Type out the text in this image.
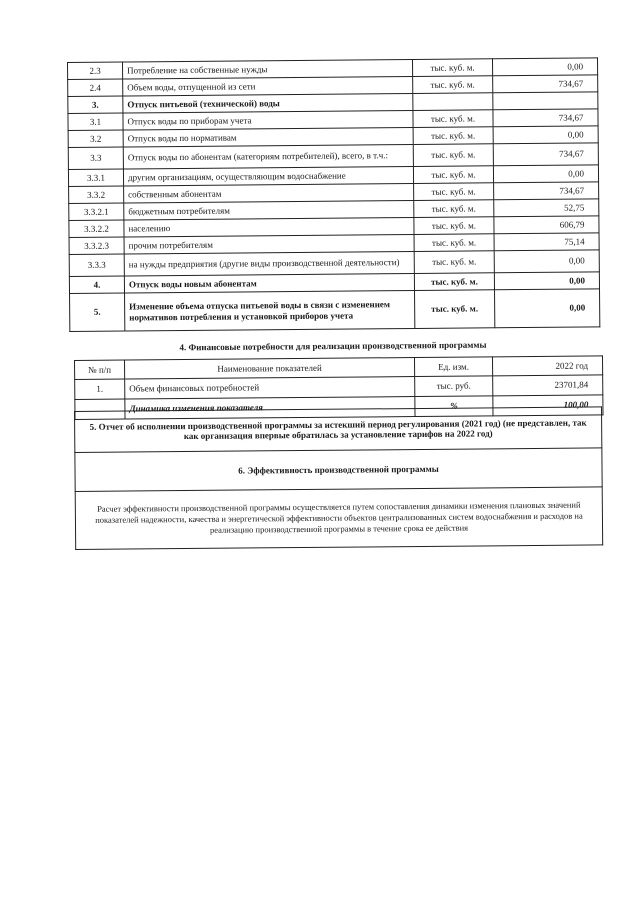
2.3	Потребление на собственные нужды	тыс. куб. м.	0,00
2.4	Объем воды, отпущенной из сети	тыс. куб. м.	734,67
3.	Отпуск питьевой (технической) воды		
3.1	Отпуск воды по приборам учета	тыс. куб. м.	734,67
3.2	Отпуск воды по нормативам	тыс. куб. м.	0,00
3.3	Отпуск воды по абонентам (категориям потребителей), всего, в т.ч.:	тыс. куб. м.	734,67
3.3.1	другим организациям, осуществляющим водоснабжение	тыс. куб. м.	0,00
3.3.2	собственным абонентам	тыс. куб. м.	734,67
3.3.2.1	бюджетным потребителям	тыс. куб. м.	52,75
3.3.2.2	населению	тыс. куб. м.	606,79
3.3.2.3	прочим потребителям	тыс. куб. м.	75,14
3.3.3	на нужды предприятия (другие виды производственной деятельности)	тыс. куб. м.	0,00
4.	Отпуск воды новым абонентам	тыс. куб. м.	0,00
5.	Изменение объема отпуска питьевой воды в связи с изменением нормативов потребления и установкой приборов учета	тыс. куб. м.	0,00
4. Финансовые потребности для реализации производственной программы
№ п/п	Наименование показателей	Ед. изм.	2022 год
1.	Объем финансовых потребностей	тыс. руб.	23701,84
	Динамика изменения показателя	%	100,00
5. Отчет об исполнении производственной программы за истекший период регулирования (2021 год) (не представлен, так как организация впервые обратилась за установление тарифов на 2022 год)
6. Эффективность производственной программы
Расчет эффективности производственной программы осуществляется путем сопоставления динамики изменения плановых значений показателей надежности, качества и энергетической эффективности объектов централизованных систем водоснабжения и расходов на реализацию производственной программы в течение срока ее действия
